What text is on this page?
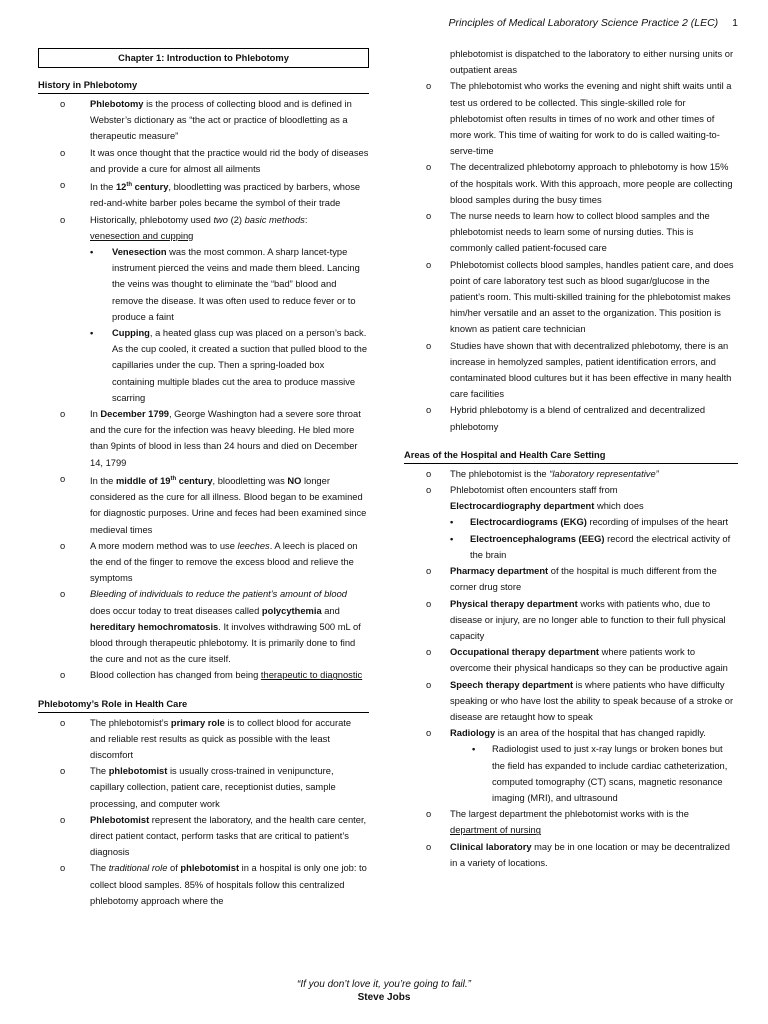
Principles of Medical Laboratory Science Practice 2 (LEC) 1
Chapter 1: Introduction to Phlebotomy
History in Phlebotomy
o Phlebotomy is the process of collecting blood and is defined in Webster’s dictionary as “the act or practice of bloodletting as a therapeutic measure”
o It was once thought that the practice would rid the body of diseases and provide a cure for almost all ailments
o In the 12th century, bloodletting was practiced by barbers, whose red-and-white barber poles became the symbol of their trade
o Historically, phlebotomy used two (2) basic methods:
venesection and cupping
• Venesection was the most common. A sharp lancet-type instrument pierced the veins and made them bleed. Lancing the veins was thought to eliminate the “bad” blood and remove the disease. It was often used to reduce fever or to produce a faint
• Cupping, a heated glass cup was placed on a person’s back. As the cup cooled, it created a suction that pulled blood to the capillaries under the cup. Then a spring-loaded box containing multiple blades cut the area to produce massive scarring
o In December 1799, George Washington had a severe sore throat and the cure for the infection was heavy bleeding. He bled more than 9pints of blood in less than 24 hours and died on December 14, 1799
o In the middle of 19th century, bloodletting was NO longer considered as the cure for all illness. Blood began to be examined for diagnostic purposes. Urine and feces had been examined since medieval times
o A more modern method was to use leeches. A leech is placed on the end of the finger to remove the excess blood and relieve the symptoms
o Bleeding of individuals to reduce the patient’s amount of blood does occur today to treat diseases called polycythemia and hereditary hemochromatosis. It involves withdrawing 500 mL of blood through therapeutic phlebotomy. It is primarily done to find the cure and not as the cure itself.
o Blood collection has changed from being therapeutic to diagnostic
Phlebotomy’s Role in Health Care
o The phlebotomist’s primary role is to collect blood for accurate and reliable rest results as quick as possible with the least discomfort
o The phlebotomist is usually cross-trained in venipuncture, capillary collection, patient care, receptionist duties, sample processing, and computer work
o Phlebotomist represent the laboratory, and the health care center, direct patient contact, perform tasks that are critical to patient’s diagnosis
o The traditional role of phlebotomist in a hospital is only one job: to collect blood samples. 85% of hospitals follow this centralized phlebotomy approach where the
phlebotomist is dispatched to the laboratory to either nursing units or outpatient areas
o The phlebotomist who works the evening and night shift waits until a test us ordered to be collected. This single-skilled role for phlebotomist often results in times of no work and other times of more work. This time of waiting for work to do is called waiting-to-serve-time
o The decentralized phlebotomy approach to phlebotomy is how 15% of the hospitals work. With this approach, more people are collecting blood samples during the busy times
o The nurse needs to learn how to collect blood samples and the phlebotomist needs to learn some of nursing duties. This is commonly called patient-focused care
o Phlebotomist collects blood samples, handles patient care, and does point of care laboratory test such as blood sugar/glucose in the patient’s room. This multi-skilled training for the phlebotomist makes him/her versatile and an asset to the organization. This position is known as patient care technician
o Studies have shown that with decentralized phlebotomy, there is an increase in hemolyzed samples, patient identification errors, and contaminated blood cultures but it has been effective in many health care facilities
o Hybrid phlebotomy is a blend of centralized and decentralized phlebotomy
Areas of the Hospital and Health Care Setting
o The phlebotomist is the “laboratory representative”
o Phlebotomist often encounters staff from
Electrocardiography department which does
• Electrocardiograms (EKG) recording of impulses of the heart
• Electroencephalograms (EEG) record the electrical activity of the brain
o Pharmacy department of the hospital is much different from the corner drug store
o Physical therapy department works with patients who, due to disease or injury, are no longer able to function to their full physical capacity
o Occupational therapy department where patients work to overcome their physical handicaps so they can be productive again
o Speech therapy department is where patients who have difficulty speaking or who have lost the ability to speak because of a stroke or disease are retaught how to speak
o Radiology is an area of the hospital that has changed rapidly.
• Radiologist used to just x-ray lungs or broken bones but the field has expanded to include cardiac catheterization, computed tomography (CT) scans, magnetic resonance imaging (MRI), and ultrasound
o The largest department the phlebotomist works with is the department of nursing
o Clinical laboratory may be in one location or may be decentralized in a variety of locations.
“If you don’t love it, you’re going to fail.”
Steve Jobs
